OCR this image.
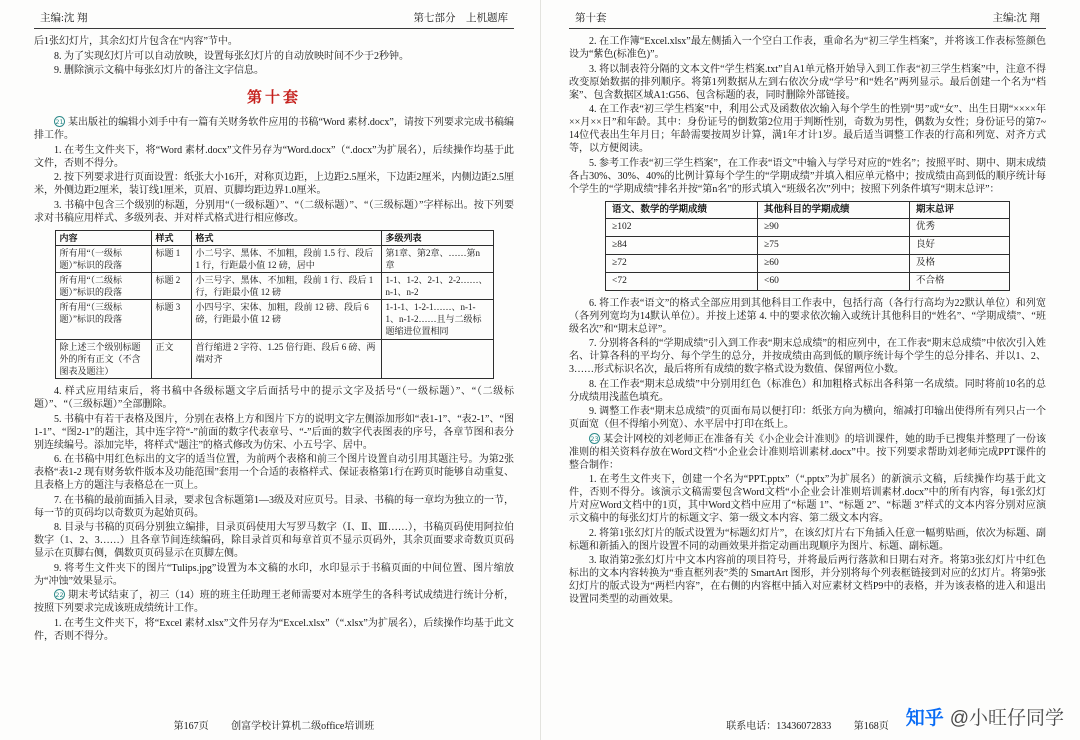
主编:沈 翔	第七部分　上机题库

后1张幻灯片，其余幻灯片包含在“内容”节中。

8. 为了实现幻灯片可以自动放映，设置每张幻灯片的自动放映时间不少于2秒钟。

9. 删除演示文稿中每张幻灯片的备注文字信息。

第十套

21 某出版社的编辑小刘手中有一篇有关财务软件应用的书稿“Word 素材.docx”，请按下列要求完成书稿编排工作。

1. 在考生文件夹下，将“Word 素材.docx”文件另存为“Word.docx”（“.docx”为扩展名），后续操作均基于此文件，否则不得分。

2. 按下列要求进行页面设置：纸张大小16开，对称页边距，上边距2.5厘米，下边距2厘米，内侧边距2.5厘米，外侧边距2厘米，装订线1厘米，页眉、页脚均距边界1.0厘米。

3. 书稿中包含三个级别的标题，分别用“（一级标题）”、“（二级标题）”、“（三级标题）”字样标出。按下列要求对书稿应用样式、多级列表、并对样式格式进行相应修改。

内容	样式	格式	多级列表
所有用“（一级标题）”标识的段落	标题 1	小二号字、黑体、不加粗，段前 1.5 行、段后 1 行，行距最小值 12 磅，居中	第1章、第2章、……第n章
所有用“（二级标题）”标识的段落	标题 2	小三号字、黑体、不加粗，段前 1 行、段后 1 行，行距最小值 12 磅	1-1、1-2、2-1、2-2……、n-1、n-2
所有用“（三级标题）”标识的段落	标题 3	小四号字、宋体、加粗，段前 12 磅、段后 6 磅，行距最小值 12 磅	1-1-1、1-2-1……、n-1-1、n-1-2……且与二级标题缩进位置相同
除上述三个级别标题外的所有正文（不含图表及题注）	正文	首行缩进 2 字符、1.25 倍行距、段后 6 磅、两端对齐	

4. 样式应用结束后，将书稿中各级标题文字后面括号中的提示文字及括号“（一级标题）”、“（二级标题）”、“（三级标题）”全部删除。

5. 书稿中有若干表格及图片，分别在表格上方和图片下方的说明文字左侧添加形如“表1-1”、“表2-1”、“图1-1”、“图2-1”的题注，其中连字符“-”前面的数字代表章号、“-”后面的数字代表图表的序号，各章节图和表分别连续编号。添加完毕，将样式“题注”的格式修改为仿宋、小五号字、居中。

6. 在书稿中用红色标出的文字的适当位置，为前两个表格和前三个图片设置自动引用其题注号。为第2张表格“表1-2 现有财务软件版本及功能范围”套用一个合适的表格样式、保证表格第1行在跨页时能够自动重复、且表格上方的题注与表格总在一页上。

7. 在书稿的最前面插入目录，要求包含标题第1—3级及对应页号。目录、书稿的每一章均为独立的一节，每一节的页码均以奇数页为起始页码。

8. 目录与书稿的页码分别独立编排，目录页码使用大写罗马数字（Ⅰ、Ⅱ、Ⅲ……），书稿页码使用阿拉伯数字（1、2、3……）且各章节间连续编码，除目录首页和每章首页不显示页码外，其余页面要求奇数页页码显示在页脚右侧，偶数页页码显示在页脚左侧。

9. 将考生文件夹下的图片“Tulips.jpg”设置为本文稿的水印，水印显示于书稿页面的中间位置、图片缩放为“冲蚀”效果显示。

22 期末考试结束了，初三（14）班的班主任助理王老师需要对本班学生的各科考试成绩进行统计分析，按照下列要求完成该班成绩统计工作。

1. 在考生文件夹下，将“Excel 素材.xlsx”文件另存为“Excel.xlsx”（“.xlsx”为扩展名），后续操作均基于此文件，否则不得分。

第167页 创富学校计算机二级office培训班
第十套	主编:沈 翔

2. 在工作簿“Excel.xlsx”最左侧插入一个空白工作表，重命名为“初三学生档案”，并将该工作表标签颜色设为“紫色(标准色)”。

3. 将以制表符分隔的文本文件“学生档案.txt”自A1单元格开始导入到工作表“初三学生档案”中，注意不得改变原始数据的排列顺序。将第1列数据从左到右依次分成“学号”和“姓名”两列显示。最后创建一个名为“档案”、包含数据区域A1:G56、包含标题的表，同时删除外部链接。

4. 在工作表“初三学生档案”中，利用公式及函数依次输入每个学生的性别“男”或“女”、出生日期“××××年××月××日”和年龄。其中：身份证号的倒数第2位用于判断性别，奇数为男性，偶数为女性；身份证号的第7~14位代表出生年月日；年龄需要按周岁计算，满1年才计1岁。最后适当调整工作表的行高和列宽、对齐方式等，以方便阅读。

5. 参考工作表“初三学生档案”，在工作表“语文”中输入与学号对应的“姓名”；按照平时、期中、期末成绩各占30%、30%、40%的比例计算每个学生的“学期成绩”并填入相应单元格中；按成绩由高到低的顺序统计每个学生的“学期成绩”排名并按“第n名”的形式填入“班级名次”列中；按照下列条件填写“期末总评”：

语文、数学的学期成绩	其他科目的学期成绩	期末总评
≥102	≥90	优秀
≥84	≥75	良好
≥72	≥60	及格
<72	<60	不合格

6. 将工作表“语文”的格式全部应用到其他科目工作表中，包括行高（各行行高均为22默认单位）和列宽（各列列宽均为14默认单位）。并按上述第 4. 中的要求依次输入或统计其他科目的“姓名”、“学期成绩”、“班级名次”和“期末总评”。

7. 分别将各科的“学期成绩”引入到工作表“期末总成绩”的相应列中，在工作表“期末总成绩”中依次引入姓名、计算各科的平均分、每个学生的总分，并按成绩由高到低的顺序统计每个学生的总分排名、并以1、2、3……形式标识名次，最后将所有成绩的数字格式设为数值、保留两位小数。

8. 在工作表“期末总成绩”中分别用红色（标准色）和加粗格式标出各科第一名成绩。同时将前10名的总分成绩用浅蓝色填充。

9. 调整工作表“期末总成绩”的页面布局以便打印：纸张方向为横向，缩减打印输出使得所有列只占一个页面宽（但不得缩小列宽）、水平居中打印在纸上。

23 某会计网校的刘老师正在准备有关《小企业会计准则》的培训课件，她的助手已搜集并整理了一份该准则的相关资料存放在Word文档“小企业会计准则培训素材.docx”中。按下列要求帮助刘老师完成PPT课件的整合制作：

1. 在考生文件夹下，创建一个名为“PPT.pptx”（“.pptx”为扩展名）的新演示文稿，后续操作均基于此文件，否则不得分。该演示文稿需要包含Word文档“小企业会计准则培训素材.docx”中的所有内容，每1张幻灯片对应Word文档中的1页，其中Word文档中应用了“标题 1”、“标题 2”、“标题 3”样式的文本内容分别对应演示文稿中的每张幻灯片的标题文字、第一级文本内容、第二级文本内容。

2. 将第1张幻灯片的版式设置为“标题幻灯片”，在该幻灯片右下角插入任意一幅剪贴画，依次为标题、副标题和新插入的图片设置不同的动画效果并指定动画出现顺序为图片、标题、副标题。

3. 取消第2张幻灯片中文本内容前的项目符号，并将最后两行落款和日期右对齐。将第3张幻灯片中红色标出的文本内容转换为“垂直框列表”类的 SmartArt 图形，并分别将每个列表框链接到对应的幻灯片。将第9张幻灯片的版式设为“两栏内容”，在右侧的内容框中插入对应素材文档P9中的表格，并为该表格的进入和退出设置同类型的动画效果。

联系电话：13436072833 第168页 知乎 @小旺仔同学
